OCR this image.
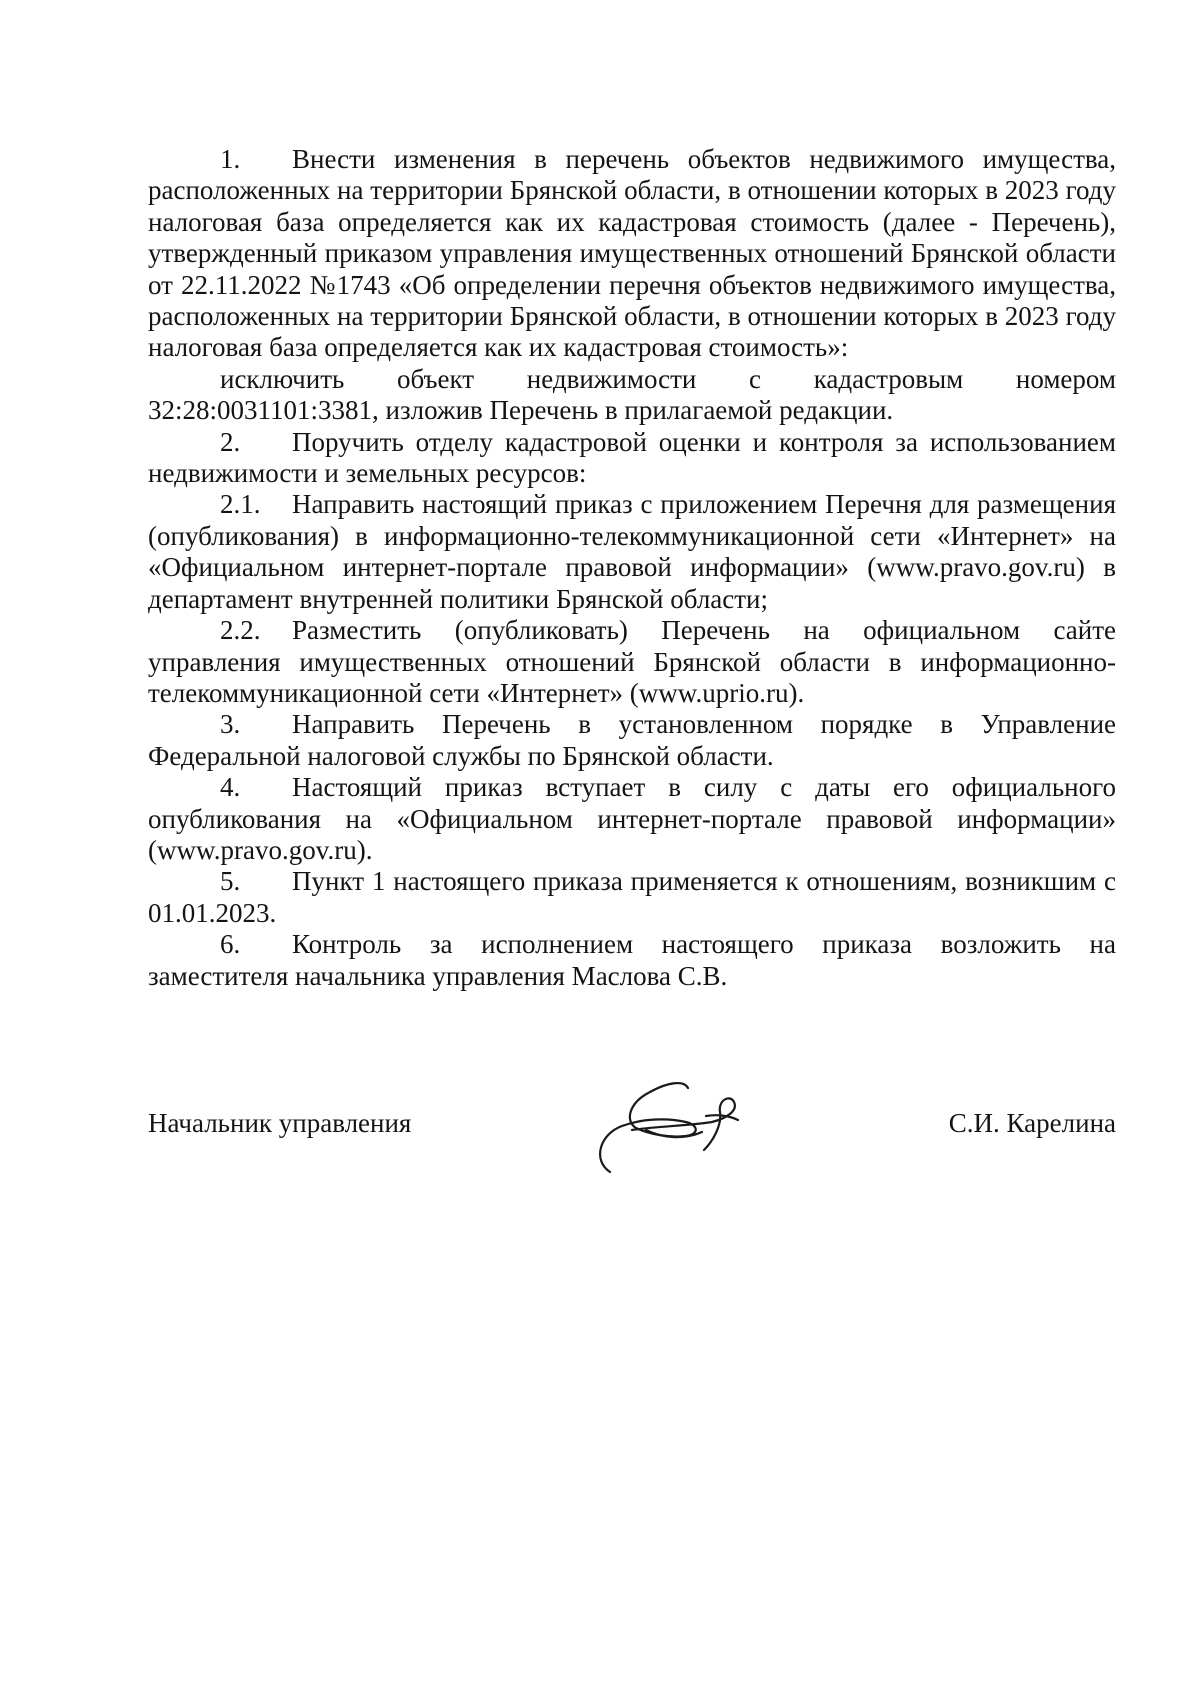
1. Внести изменения в перечень объектов недвижимого имущества, расположенных на территории Брянской области, в отношении которых в 2023 году налоговая база определяется как их кадастровая стоимость (далее - Перечень), утвержденный приказом управления имущественных отношений Брянской области от 22.11.2022 №1743 «Об определении перечня объектов недвижимого имущества, расположенных на территории Брянской области, в отношении которых в 2023 году налоговая база определяется как их кадастровая стоимость»:

исключить объект недвижимости с кадастровым номером 32:28:0031101:3381, изложив Перечень в прилагаемой редакции.

2. Поручить отделу кадастровой оценки и контроля за использованием недвижимости и земельных ресурсов:

2.1. Направить настоящий приказ с приложением Перечня для размещения (опубликования) в информационно-телекоммуникационной сети «Интернет» на «Официальном интернет-портале правовой информации» (www.pravo.gov.ru) в департамент внутренней политики Брянской области;

2.2. Разместить (опубликовать) Перечень на официальном сайте управления имущественных отношений Брянской области в информационно-телекоммуникационной сети «Интернет» (www.uprio.ru).

3. Направить Перечень в установленном порядке в Управление Федеральной налоговой службы по Брянской области.

4. Настоящий приказ вступает в силу с даты его официального опубликования на «Официальном интернет-портале правовой информации» (www.pravo.gov.ru).

5. Пункт 1 настоящего приказа применяется к отношениям, возникшим с 01.01.2023.

6. Контроль за исполнением настоящего приказа возложить на заместителя начальника управления Маслова С.В.

Начальник управления	С.И. Карелина
